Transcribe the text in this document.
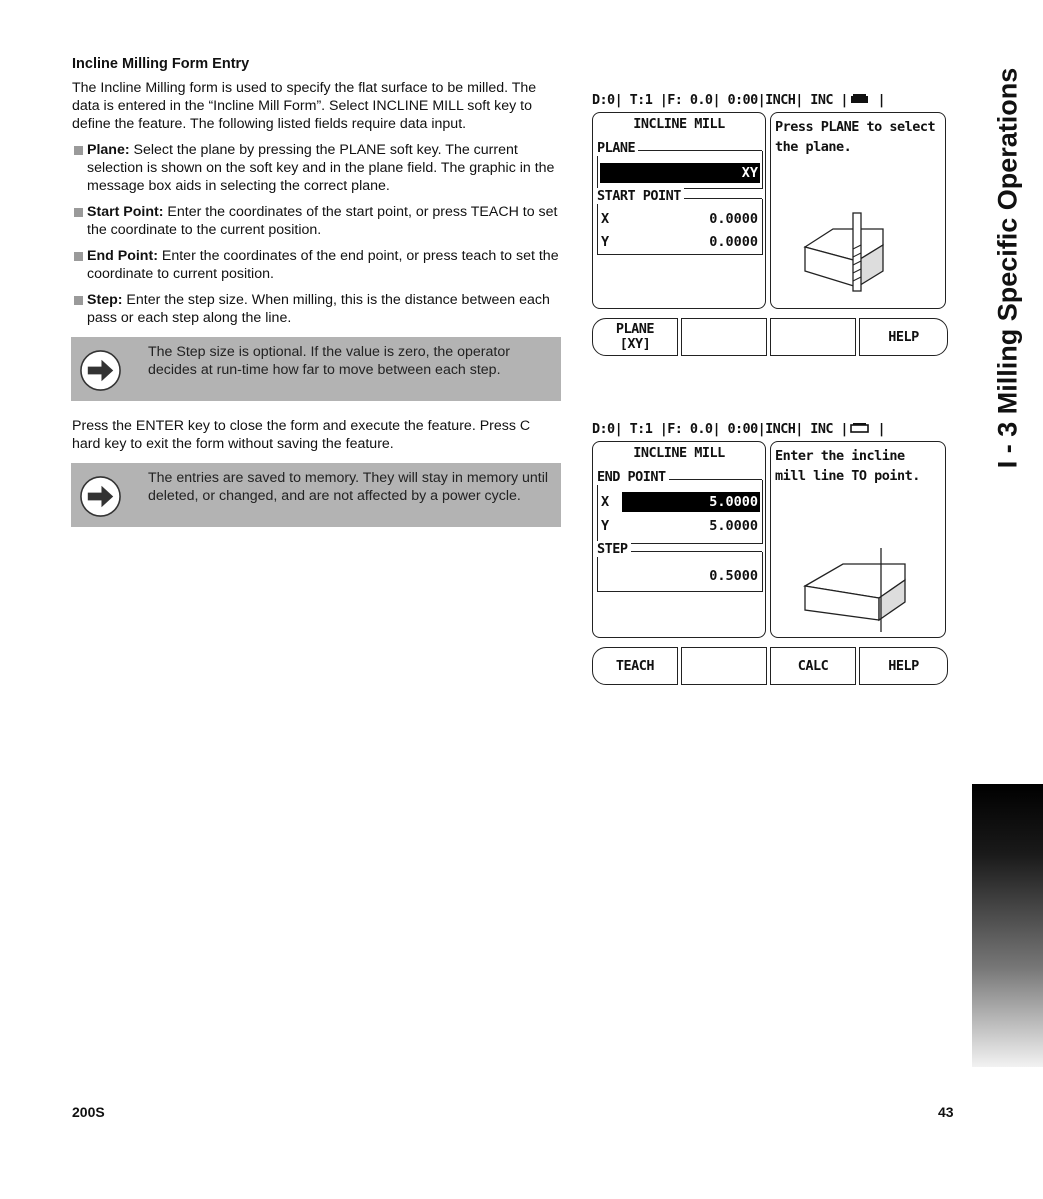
Incline Milling Form Entry

The Incline Milling form is used to specify the flat surface to be milled. The data is entered in the “Incline Mill Form”. Select INCLINE MILL soft key to define the feature. The following listed fields require data input.

Plane: Select the plane by pressing the PLANE soft key. The current selection is shown on the soft key and in the plane field. The graphic in the message box aids in selecting the correct plane.
Start Point: Enter the coordinates of the start point, or press TEACH to set the coordinate to the current position.
End Point: Enter the coordinates of the end point, or press teach to set the coordinate to current position.
Step: Enter the step size. When milling, this is the distance between each pass or each step along the line.
The Step size is optional. If the value is zero, the operator decides at run-time how far to move between each step.

Press the ENTER key to close the form and execute the feature. Press C hard key to exit the form without saving the feature.

The entries are saved to memory. They will stay in memory until deleted, or changed, and are not affected by a power cycle.
D:0| T:1 |F: 0.0| 0:00|INCH| INC | |
INCLINE MILL
PLANE
XY
START POINT
X	0.0000
Y	0.0000
Press PLANE to select the plane.
PLANE
[XY]	HELP
D:0| T:1 |F: 0.0| 0:00|INCH| INC | |
INCLINE MILL
END POINT
X	5.0000
Y	5.0000
STEP
0.5000
Enter the incline mill line TO point.
TEACH	CALC	HELP
I - 3 Milling Specific Operations
200S	43
